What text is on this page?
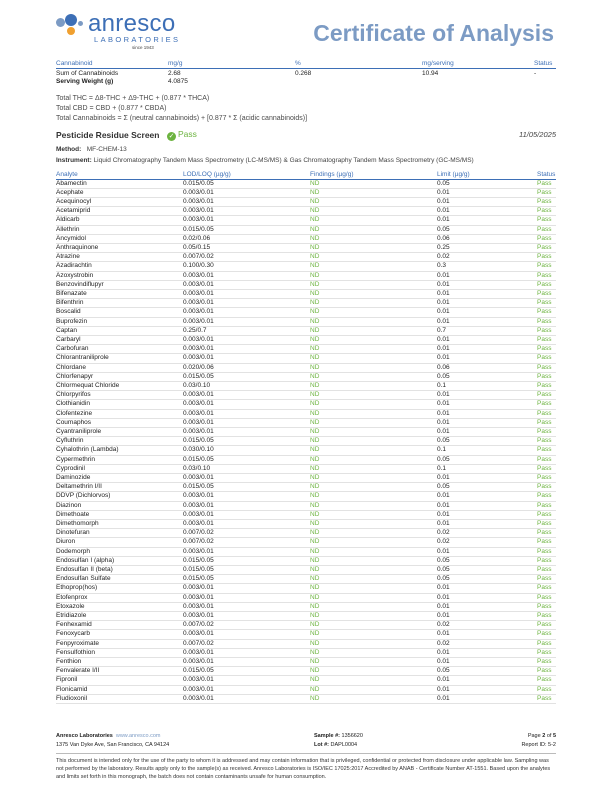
anresco
LABORATORIES
since 1943
Certificate of Analysis
Cannabinoid	mg/g	%	mg/serving	Status
Sum of Cannabinoids	2.68	0.268	10.94	-
Serving Weight (g)	4.0875			
Total THC = Δ8-THC + Δ9-THC + (0.877 * THCA)
Total CBD = CBD + (0.877 * CBDA)
Total Cannabinoids = Σ (neutral cannabinoids) + [0.877 * Σ (acidic cannabinoids)]
Pesticide Residue Screen ✓ Pass	11/05/2025
Method: MF-CHEM-13
Instrument: Liquid Chromatography Tandem Mass Spectrometry (LC-MS/MS) & Gas Chromatography Tandem Mass Spectrometry (GC-MS/MS)
Analyte	LOD/LOQ (µg/g)	Findings (µg/g)	Limit (µg/g)	Status
Abamectin	0.015/0.05	ND	0.05	Pass
Acephate	0.003/0.01	ND	0.01	Pass
Acequinocyl	0.003/0.01	ND	0.01	Pass
Acetamiprid	0.003/0.01	ND	0.01	Pass
Aldicarb	0.003/0.01	ND	0.01	Pass
Allethrin	0.015/0.05	ND	0.05	Pass
Ancymidol	0.02/0.06	ND	0.06	Pass
Anthraquinone	0.05/0.15	ND	0.25	Pass
Atrazine	0.007/0.02	ND	0.02	Pass
Azadirachtin	0.100/0.30	ND	0.3	Pass
Azoxystrobin	0.003/0.01	ND	0.01	Pass
Benzovindiflupyr	0.003/0.01	ND	0.01	Pass
Bifenazate	0.003/0.01	ND	0.01	Pass
Bifenthrin	0.003/0.01	ND	0.01	Pass
Boscalid	0.003/0.01	ND	0.01	Pass
Buprofezin	0.003/0.01	ND	0.01	Pass
Captan	0.25/0.7	ND	0.7	Pass
Carbaryl	0.003/0.01	ND	0.01	Pass
Carbofuran	0.003/0.01	ND	0.01	Pass
Chlorantraniliprole	0.003/0.01	ND	0.01	Pass
Chlordane	0.020/0.06	ND	0.06	Pass
Chlorfenapyr	0.015/0.05	ND	0.05	Pass
Chlormequat Chloride	0.03/0.10	ND	0.1	Pass
Chlorpyrifos	0.003/0.01	ND	0.01	Pass
Clothianidin	0.003/0.01	ND	0.01	Pass
Clofentezine	0.003/0.01	ND	0.01	Pass
Coumaphos	0.003/0.01	ND	0.01	Pass
Cyantraniliprole	0.003/0.01	ND	0.01	Pass
Cyfluthrin	0.015/0.05	ND	0.05	Pass
Cyhalothrin (Lambda)	0.030/0.10	ND	0.1	Pass
Cypermethrin	0.015/0.05	ND	0.05	Pass
Cyprodinil	0.03/0.10	ND	0.1	Pass
Daminozide	0.003/0.01	ND	0.01	Pass
Deltamethrin I/II	0.015/0.05	ND	0.05	Pass
DDVP (Dichlorvos)	0.003/0.01	ND	0.01	Pass
Diazinon	0.003/0.01	ND	0.01	Pass
Dimethoate	0.003/0.01	ND	0.01	Pass
Dimethomorph	0.003/0.01	ND	0.01	Pass
Dinotefuran	0.007/0.02	ND	0.02	Pass
Diuron	0.007/0.02	ND	0.02	Pass
Dodemorph	0.003/0.01	ND	0.01	Pass
Endosulfan I (alpha)	0.015/0.05	ND	0.05	Pass
Endosulfan II (beta)	0.015/0.05	ND	0.05	Pass
Endosulfan Sulfate	0.015/0.05	ND	0.05	Pass
Ethoprop(hos)	0.003/0.01	ND	0.01	Pass
Etofenprox	0.003/0.01	ND	0.01	Pass
Etoxazole	0.003/0.01	ND	0.01	Pass
Etridiazole	0.003/0.01	ND	0.01	Pass
Fenhexamid	0.007/0.02	ND	0.02	Pass
Fenoxycarb	0.003/0.01	ND	0.01	Pass
Fenpyroximate	0.007/0.02	ND	0.02	Pass
Fensulfothion	0.003/0.01	ND	0.01	Pass
Fenthion	0.003/0.01	ND	0.01	Pass
Fenvalerate I/II	0.015/0.05	ND	0.05	Pass
Fipronil	0.003/0.01	ND	0.01	Pass
Flonicamid	0.003/0.01	ND	0.01	Pass
Fludioxonil	0.003/0.01	ND	0.01	Pass
Anresco Laboratories www.anresco.com
1375 Van Dyke Ave, San Francisco, CA 94124
Sample #: 1356620
Lot #: DAPL0004
Page 2 of 5
Report ID: 5-2
This document is intended only for the use of the party to whom it is addressed and may contain information that is privileged, confidential or protected from disclosure under applicable law. Sampling was not performed by the laboratory. Results apply only to the sample(s) as received. Anresco Laboratories is ISO/IEC 17025:2017 Accredited by ANAB - Certificate Number AT-1551. Based upon the analytes and limits set forth in this monograph, the batch does not contain contaminants unsafe for human consumption.
